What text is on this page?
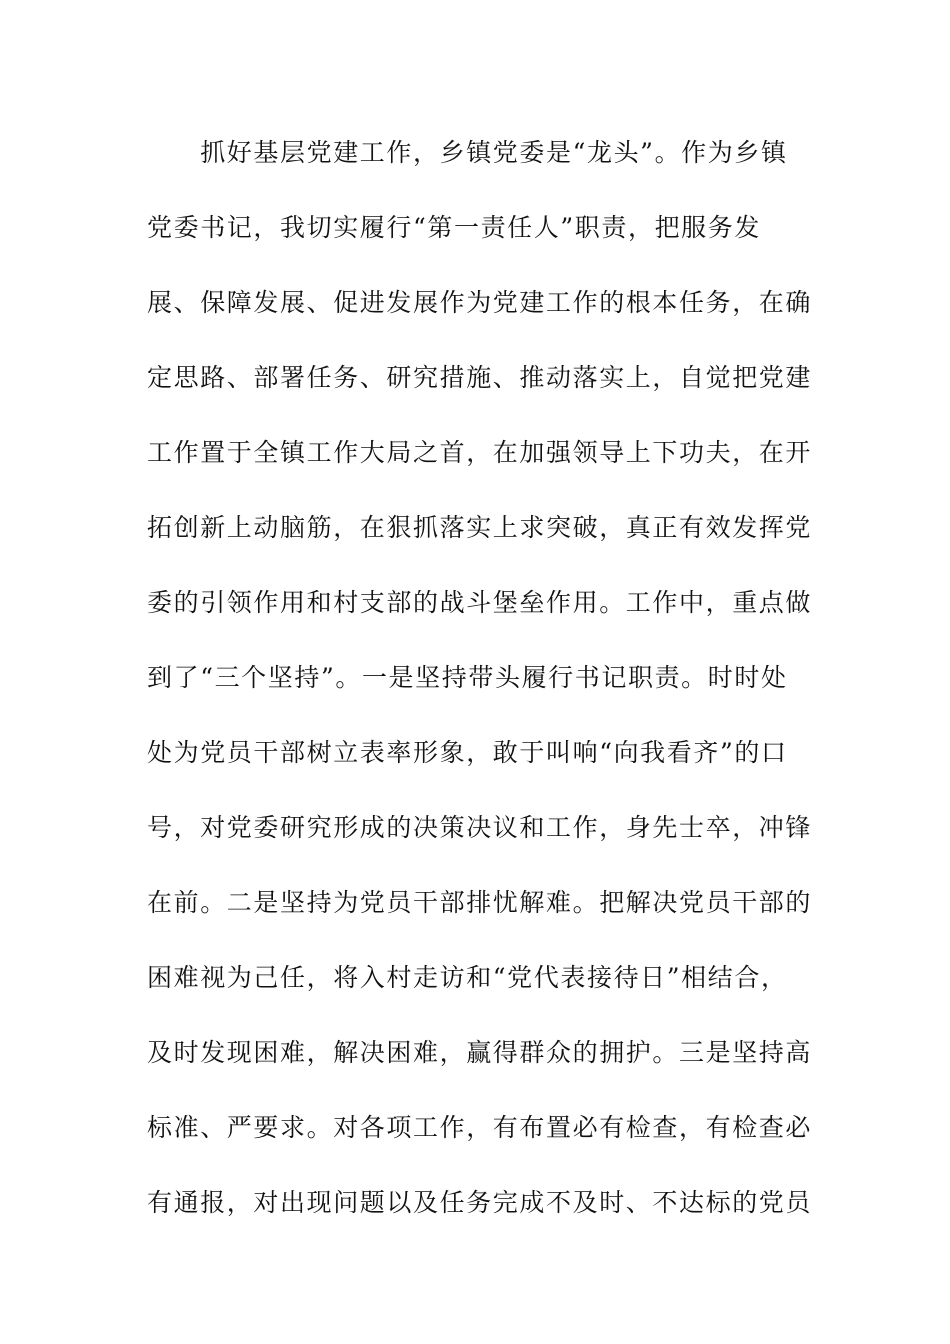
　　抓好基层党建工作，乡镇党委是“龙头”。作为乡镇
党委书记，我切实履行“第一责任人”职责，把服务发
展、保障发展、促进发展作为党建工作的根本任务，在确
定思路、部署任务、研究措施、推动落实上，自觉把党建
工作置于全镇工作大局之首，在加强领导上下功夫，在开
拓创新上动脑筋，在狠抓落实上求突破，真正有效发挥党
委的引领作用和村支部的战斗堡垒作用。工作中，重点做
到了“三个坚持”。一是坚持带头履行书记职责。时时处
处为党员干部树立表率形象，敢于叫响“向我看齐”的口
号，对党委研究形成的决策决议和工作，身先士卒，冲锋
在前。二是坚持为党员干部排忧解难。把解决党员干部的
困难视为己任，将入村走访和“党代表接待日”相结合，
及时发现困难，解决困难，赢得群众的拥护。三是坚持高
标准、严要求。对各项工作，有布置必有检查，有检查必
有通报，对出现问题以及任务完成不及时、不达标的党员
